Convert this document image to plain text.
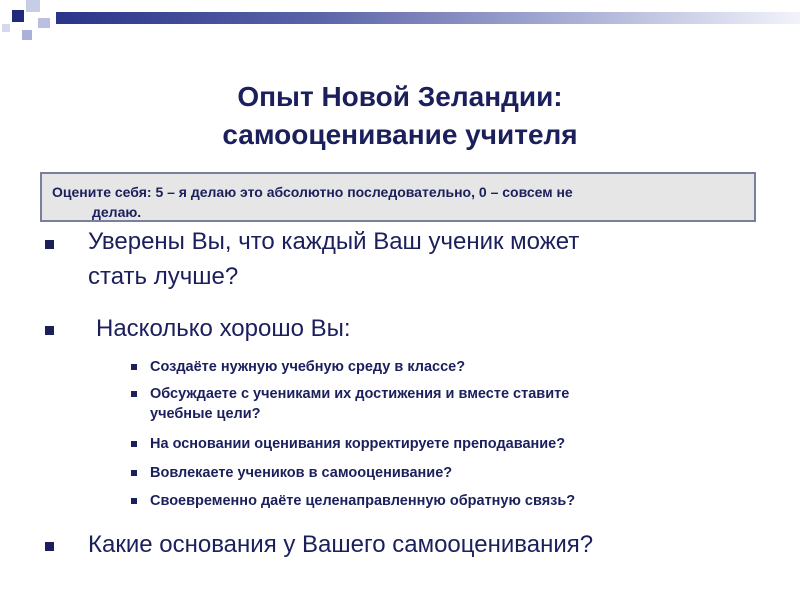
Опыт Новой Зеландии:
самооценивание учителя
Оцените себя: 5 – я делаю это абсолютно последовательно, 0 – совсем не
делаю.
Уверены Вы, что каждый Ваш ученик может
стать лучше?
Насколько хорошо Вы:
Создаёте нужную учебную среду в классе?
Обсуждаете с учениками их достижения и вместе ставите
учебные цели?
На основании оценивания корректируете преподавание?
Вовлекаете учеников в самооценивание?
Своевременно даёте целенаправленную обратную связь?
Какие основания у Вашего самооценивания?
